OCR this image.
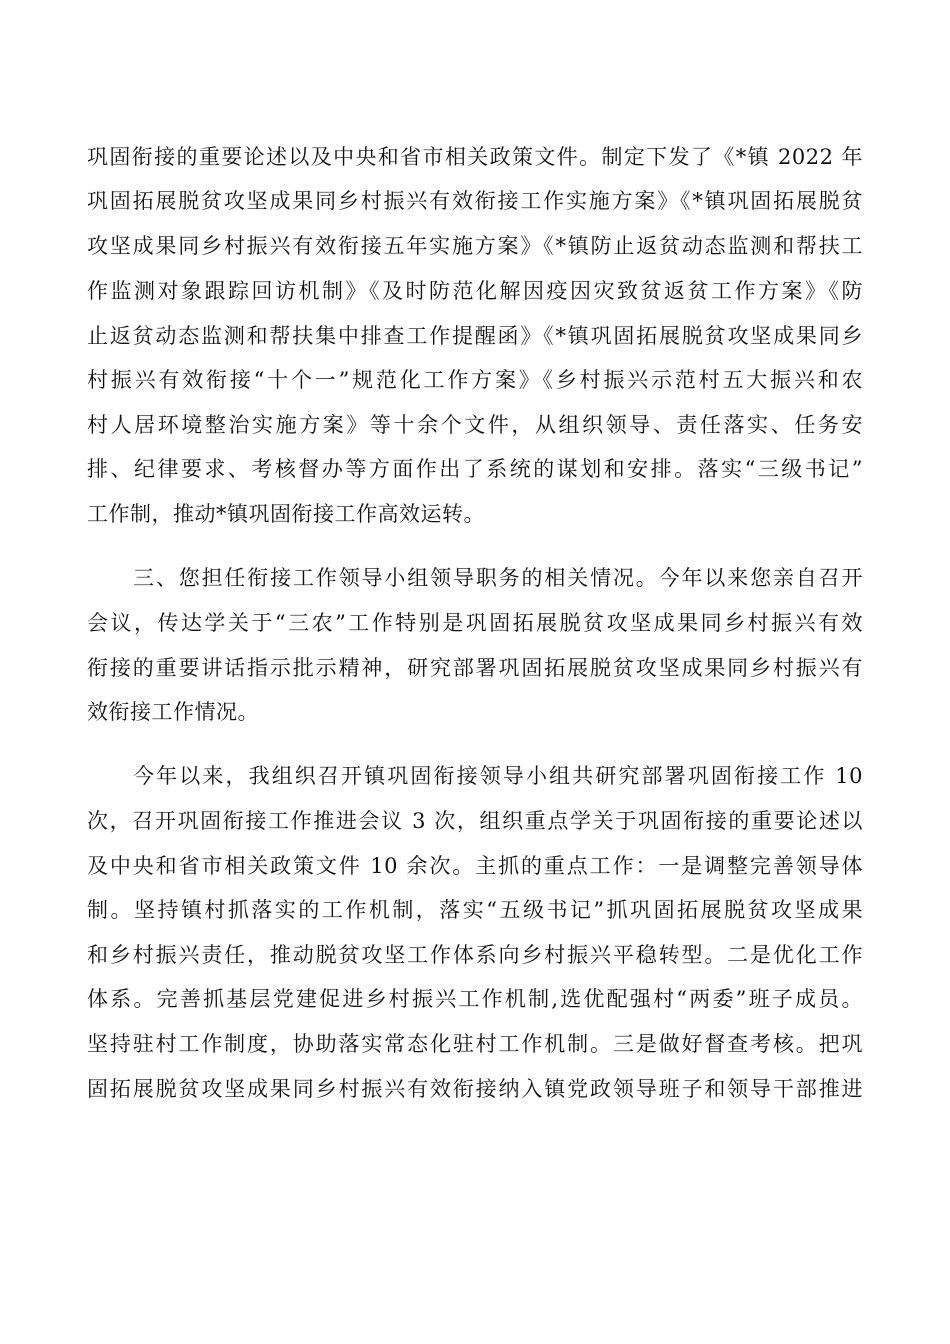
巩固衔接的重要论述以及中央和省市相关政策文件。制定下发了《*镇 2022 年
巩固拓展脱贫攻坚成果同乡村振兴有效衔接工作实施方案》《*镇巩固拓展脱贫
攻坚成果同乡村振兴有效衔接五年实施方案》《*镇防止返贫动态监测和帮扶工
作监测对象跟踪回访机制》《及时防范化解因疫因灾致贫返贫工作方案》《防
止返贫动态监测和帮扶集中排查工作提醒函》《*镇巩固拓展脱贫攻坚成果同乡
村振兴有效衔接“十个一”规范化工作方案》《乡村振兴示范村五大振兴和农
村人居环境整治实施方案》等十余个文件，从组织领导、责任落实、任务安
排、纪律要求、考核督办等方面作出了系统的谋划和安排。落实“三级书记”
工作制，推动*镇巩固衔接工作高效运转。
三、您担任衔接工作领导小组领导职务的相关情况。今年以来您亲自召开
会议，传达学关于“三农”工作特别是巩固拓展脱贫攻坚成果同乡村振兴有效
衔接的重要讲话指示批示精神，研究部署巩固拓展脱贫攻坚成果同乡村振兴有
效衔接工作情况。
今年以来，我组织召开镇巩固衔接领导小组共研究部署巩固衔接工作 10
次，召开巩固衔接工作推进会议 3 次，组织重点学关于巩固衔接的重要论述以
及中央和省市相关政策文件 10 余次。主抓的重点工作：一是调整完善领导体
制。坚持镇村抓落实的工作机制，落实“五级书记”抓巩固拓展脱贫攻坚成果
和乡村振兴责任，推动脱贫攻坚工作体系向乡村振兴平稳转型。二是优化工作
体系。完善抓基层党建促进乡村振兴工作机制,选优配强村“两委”班子成员。
坚持驻村工作制度，协助落实常态化驻村工作机制。三是做好督查考核。把巩
固拓展脱贫攻坚成果同乡村振兴有效衔接纳入镇党政领导班子和领导干部推进
